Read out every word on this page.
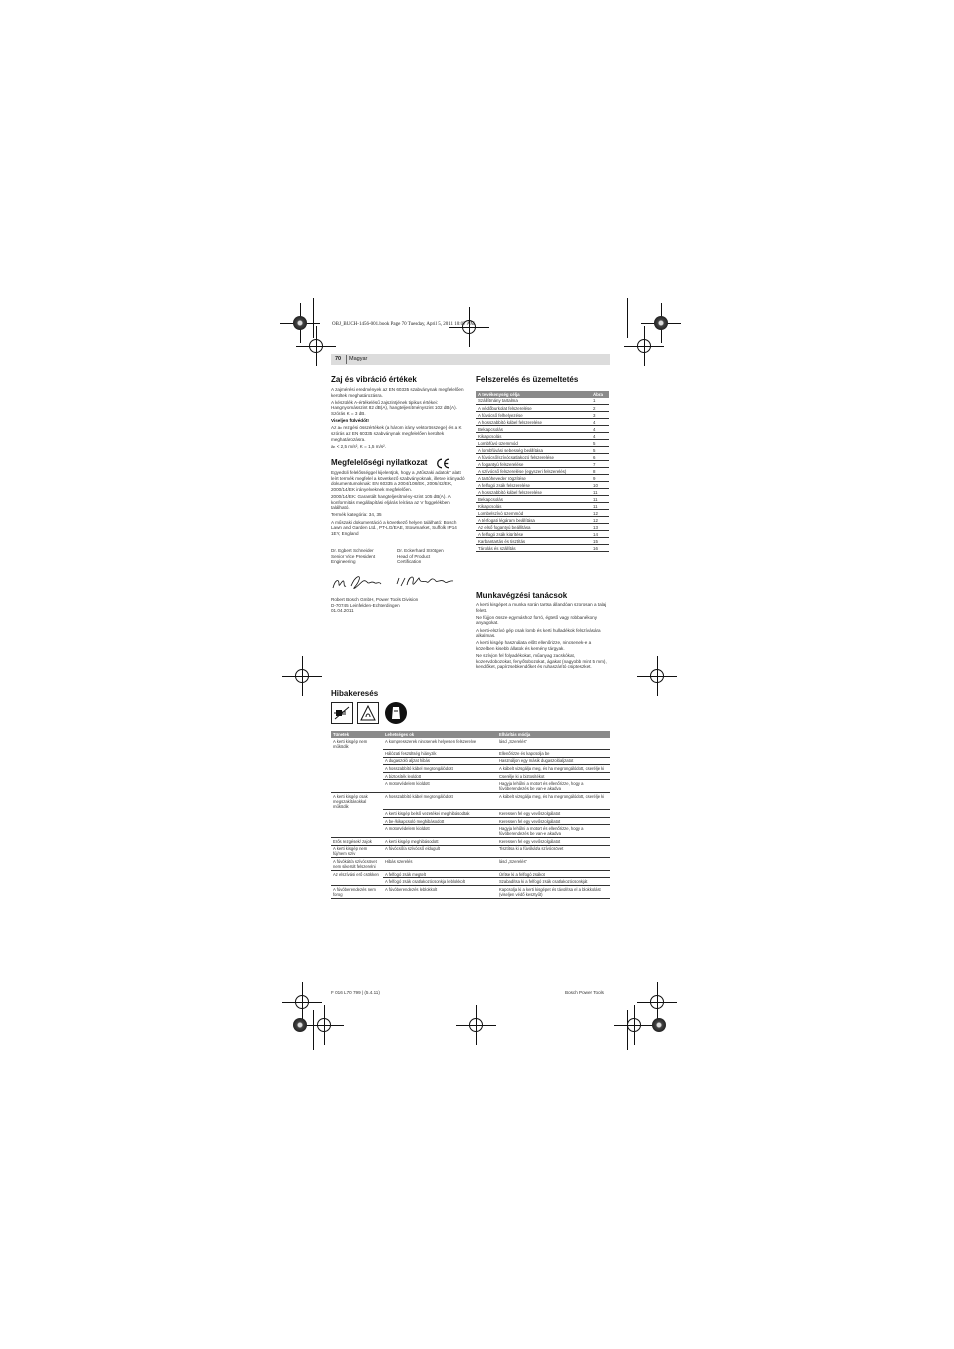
OBJ_BUCH-1456-001.book Page 70 Tuesday, April 5, 2011 10:07 AM
70 Magyar
Zaj és vibráció értékek

A zajmérési eredmények az EN 60335 szabványnak megfelelően kerültek meghatározásra.

A készülék A-értékelésű zajszintjének tipikus értékei: Hangnyomásszint 82 dB(A), hangteljesítményszint 102 dB(A). Szórás K = 3 dB.

Viseljen fülvédőt!

Az aₕ rezgési összértékek (a három irány vektorösszege) és a K szórás az EN 60335 szabványnak megfelelően kerültek meghatározásra.

aₕ < 2,5 m/s², K = 1,5 m/s².

Megfelelőségi nyilatkozat

Egyedüli felelősséggel kijelentjük, hogy a „Műszaki adatok” alatt leírt termék megfelel a következő szabványoknak, illetve irányadó dokumentumoknak: EN 60335 a 2004/108/EK, 2006/42/EK, 2000/14/EK irányelveknek megfelelően.

2000/14/EK: Garantált hangteljesítmény-szint 105 dB(A). A konformitás megállapítási eljárás leírása az V függelékben található.

Termék kategória: 34, 35

A műszaki dokumentáció a következő helyen található: Bosch Lawn and Garden Ltd., PT-LG/EAE, Stowmarket, Suffolk IP14 1EY, England

Dr. Egbert Schneider
Senior Vice President
Engineering
Dr. Eckerhard Strötgen
Head of Product
Certification
Robert Bosch GmbH, Power Tools Division
D-70745 Leinfelden-Echterdingen
01.04.2011
Felszerelés és üzemeltetés
A tevékenység célja	Ábra
Szállítmány tartalma	1
A védőburkolat felszerelése	2
A fúvócső felhelyezése	3
A hosszabbító kábel felszerelése	4
Bekapcsolás	4
Kikapcsolás	4
Lombfúvó üzemmód	5
A lombfúvási sebesség beállítása	5
A fúvócső/szívócsatlakozó felszerelése	6
A fogantyú felszerelése	7
A szívócső felszerelése (egyszeri felszerelés)	8
A tartóheveder rögzítése	9
A felfogó zsák felszerelése	10
A hosszabbító kábel felszerelése	11
Bekapcsolás	11
Kikapcsolás	11
Lombelszívó üzemmód	12
A térfogati légáram beállítása	12
Az első fogantyú beállítása	13
A felfogó zsák kiürítése	14
Karbantartás és tisztítás	15
Tárolás és szállítás	16
Munkavégzési tanácsok

A kerti kisgépet a munka során tartsa állandóan szorosan a talaj felett.

Ne fújjon össze egymáshoz forró, égtető vagy robbanékony anyagokat.

A kerti-elszívó gép csak lomb és kerti hulladékok felszívására alkalmas.

A kerti kisgép használata előtt ellenőrizze, nincsenek-e a közelben kisebb állatok és kemény tárgyak.

Ne szívjon fel folyadékokat, műanyag zacskókat, kozervdobozokat, fenyőtobozokat, ágakat (nagyobb mint 5 mm), kendőket, papírzsebkendőket és ruhaszárító csipteszket.

Hibakeresés
Tünetek	Lehetséges ok	Elhárítás módja
A kerti kisgép nem működik	A kompresszerek nincsenek helyesen felszerelve	lásd „Szerelés”
	Hálózati feszültség hiányzik	Ellenőrizze és kapcsolja be
	A dugaszoló aljzat hibás	Használjon egy másik dugaszolóaljzatot
	A hosszabbító kábel megrongálódott	A kábelt vizsgálja meg, és ha megrongálódott, cserélje ki
	A biztosíték leoldott	Cserélje ki a biztosítékot
	A motorvédelem kioldott	Hagyja lehűlni a motort és ellenőrizze, hogy a fúvóberendezés be van-e akadva
A kerti kisgép csak megszakításokkal működik	A hosszabbító kábel megrongálódott	A kábelt vizsgálja meg, és ha megrongálódott, cserélje ki
	A kerti kisgép belső vezetékei meghibásodtak	Keressen fel egy vevőszolgálatot
	A be-/kikapcsoló meghibásodott	Keressen fel egy vevőszolgálatot
	A motorvédelem kioldott	Hagyja lehűlni a motort és ellenőrizze, hogy a fúvóberendezés be van-e akadva
Erős rezgések/ zajok	A kerti kisgép meghibásodott	Keressen fel egy vevőszolgálatot
A kerti kisgép nem fúj/nem szív	A fúvócső/a szívócső eldugult	Tisztítsa ki a fúvókát/a szívócsövet
A fúvókát/a szívócsövet nem sikerült felszerelni	Hibás szerelés	lásd „Szerelés”
Az elszívási erő csökken	A felfogó zsák megtelt	Ürítse ki a felfogó zsákot
	A felfogó zsák csatlakozócsonkja leblokkolt	Szabadítsa ki a felfogó zsák csatlakozócsonkját
A fúvóberendezés nem forog	A fúvóberendezés leblokkolt	Kapcsolja ki a kerti kisgépet és távolítsa el a blokkolást (viseljen védő kesztyűt)
F 016 L70 799 | (5.4.11)	Bosch Power Tools
